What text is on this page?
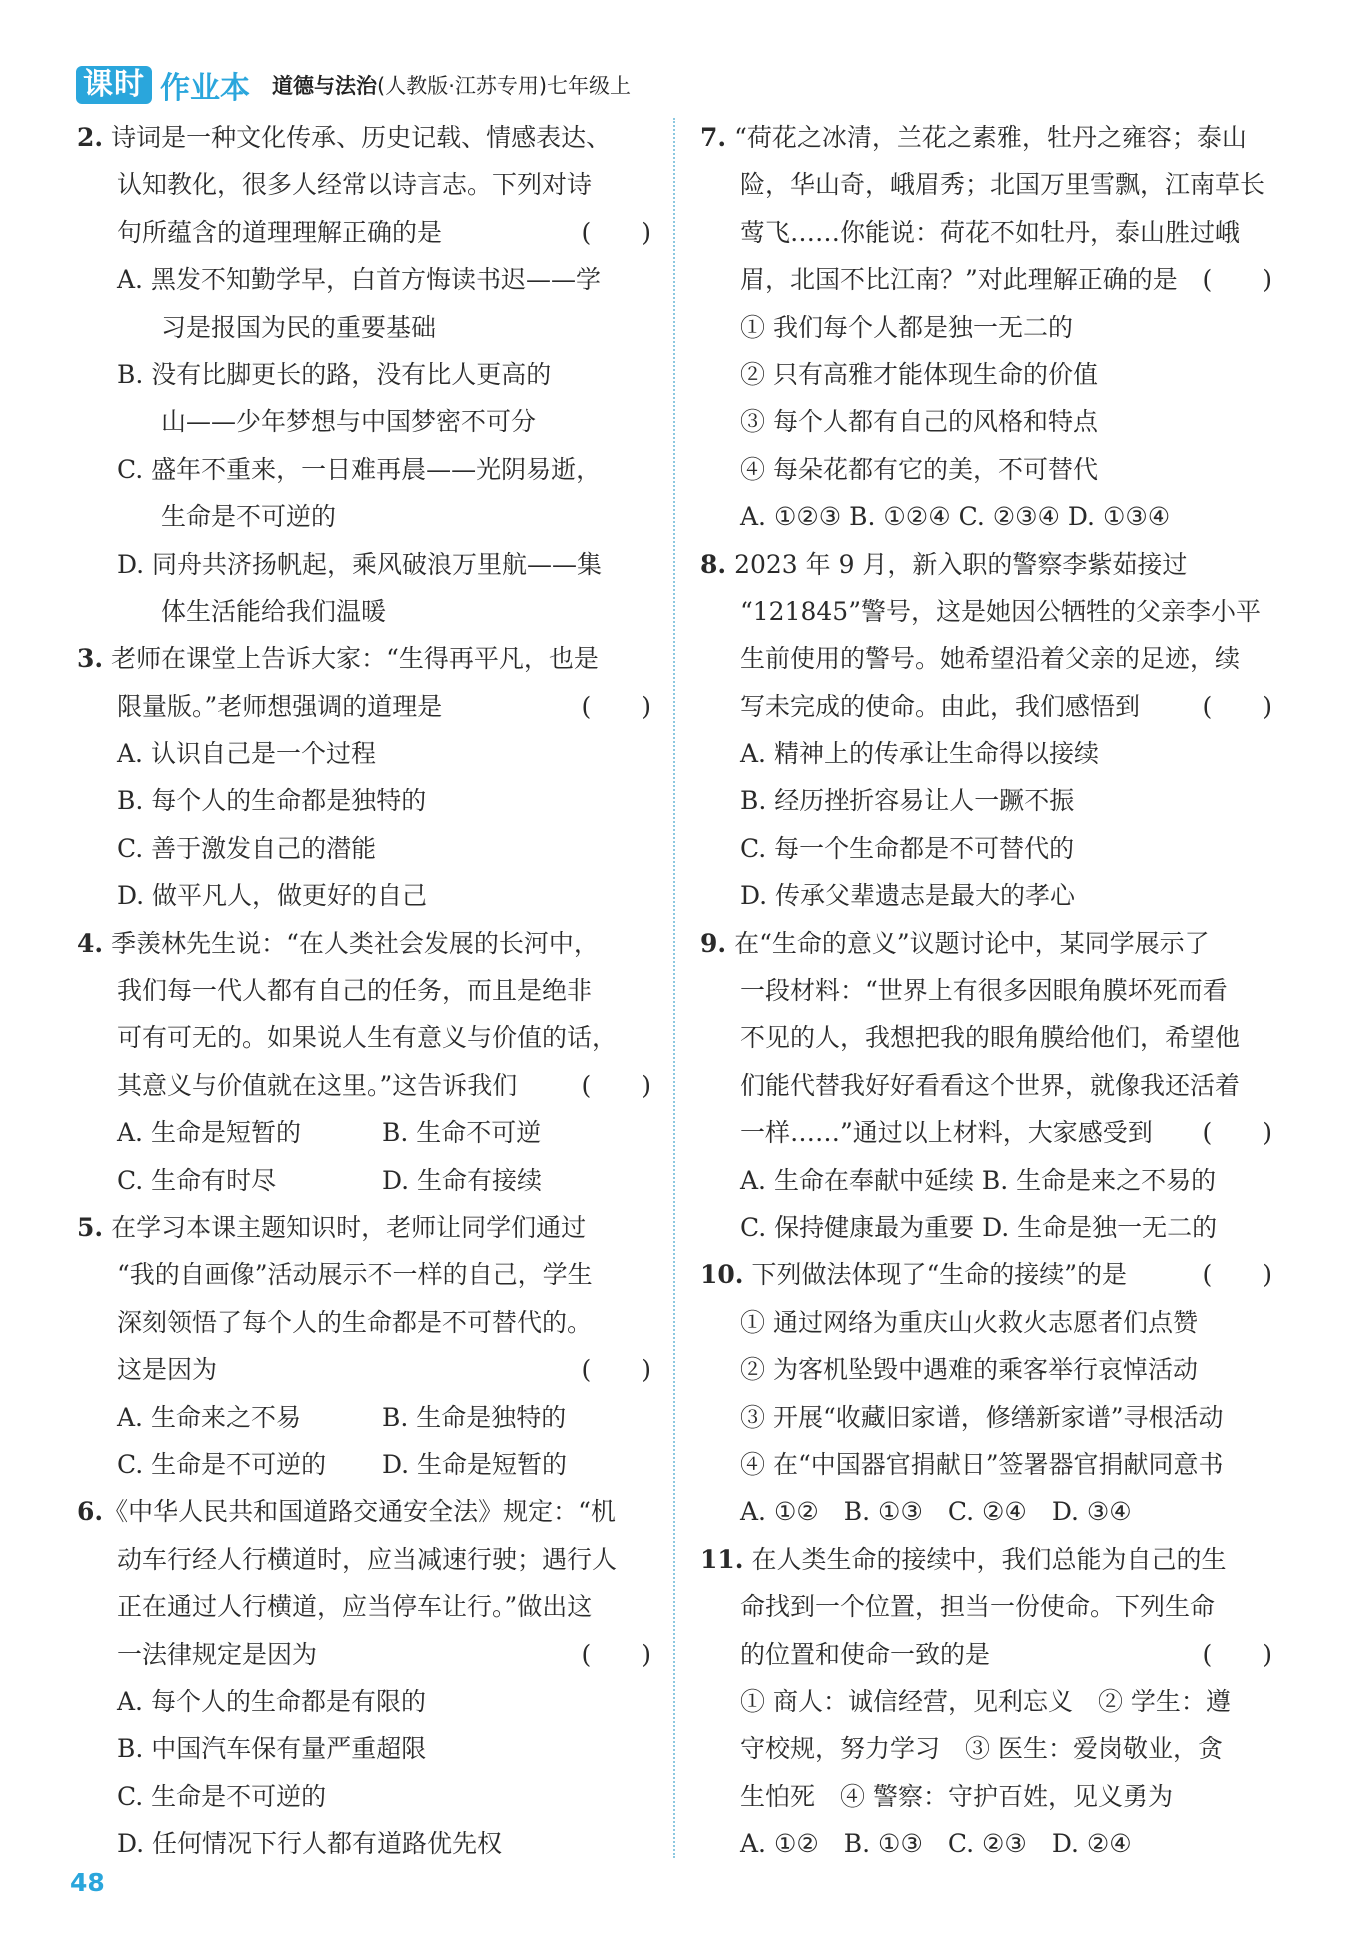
课时 作业本 道德与法治(人教版·江苏专用)七年级上
2. 诗词是一种文化传承、历史记载、情感表达、
认知教化，很多人经常以诗言志。下列对诗
句所蕴含的道理理解正确的是	(　　)
A. 黑发不知勤学早，白首方悔读书迟——学
习是报国为民的重要基础
B. 没有比脚更长的路，没有比人更高的
山——少年梦想与中国梦密不可分
C. 盛年不重来，一日难再晨——光阴易逝，
生命是不可逆的
D. 同舟共济扬帆起，乘风破浪万里航——集
体生活能给我们温暖
3. 老师在课堂上告诉大家：“生得再平凡，也是
限量版。”老师想强调的道理是	(　　)
A. 认识自己是一个过程
B. 每个人的生命都是独特的
C. 善于激发自己的潜能
D. 做平凡人，做更好的自己
4. 季羡林先生说：“在人类社会发展的长河中，
我们每一代人都有自己的任务，而且是绝非
可有可无的。如果说人生有意义与价值的话，
其意义与价值就在这里。”这告诉我们	(　　)
A. 生命是短暂的	B. 生命不可逆
C. 生命有时尽	D. 生命有接续
5. 在学习本课主题知识时，老师让同学们通过
“我的自画像”活动展示不一样的自己，学生
深刻领悟了每个人的生命都是不可替代的。
这是因为	(　　)
A. 生命来之不易	B. 生命是独特的
C. 生命是不可逆的 D. 生命是短暂的
6.《中华人民共和国道路交通安全法》规定：“机
动车行经人行横道时，应当减速行驶；遇行人
正在通过人行横道，应当停车让行。”做出这
一法律规定是因为	(　　)
A. 每个人的生命都是有限的
B. 中国汽车保有量严重超限
C. 生命是不可逆的
D. 任何情况下行人都有道路优先权
7. “荷花之冰清，兰花之素雅，牡丹之雍容；泰山
险，华山奇，峨眉秀；北国万里雪飘，江南草长
莺飞……你能说：荷花不如牡丹，泰山胜过峨
眉，北国不比江南？”对此理解正确的是 (　　)
① 我们每个人都是独一无二的
② 只有高雅才能体现生命的价值
③ 每个人都有自己的风格和特点
④ 每朵花都有它的美，不可替代
A. ①②③ B. ①②④ C. ②③④ D. ①③④
8. 2023 年 9 月，新入职的警察李紫茹接过
“121845”警号，这是她因公牺牲的父亲李小平
生前使用的警号。她希望沿着父亲的足迹，续
写未完成的使命。由此，我们感悟到 (　　)
A. 精神上的传承让生命得以接续
B. 经历挫折容易让人一蹶不振
C. 每一个生命都是不可替代的
D. 传承父辈遗志是最大的孝心
9. 在“生命的意义”议题讨论中，某同学展示了
一段材料：“世界上有很多因眼角膜坏死而看
不见的人，我想把我的眼角膜给他们，希望他
们能代替我好好看看这个世界，就像我还活着
一样……”通过以上材料，大家感受到 (　　)
A. 生命在奉献中延续 B. 生命是来之不易的
C. 保持健康最为重要 D. 生命是独一无二的
10. 下列做法体现了“生命的接续”的是	(　　)
① 通过网络为重庆山火救火志愿者们点赞
② 为客机坠毁中遇难的乘客举行哀悼活动
③ 开展“收藏旧家谱，修缮新家谱”寻根活动
④ 在“中国器官捐献日”签署器官捐献同意书
A. ①②　B. ①③　C. ②④　D. ③④
11. 在人类生命的接续中，我们总能为自己的生
命找到一个位置，担当一份使命。下列生命
的位置和使命一致的是	(　　)
① 商人：诚信经营，见利忘义　② 学生：遵
守校规，努力学习　③ 医生：爱岗敬业，贪
生怕死　④ 警察：守护百姓，见义勇为
A. ①②　B. ①③　C. ②③　D. ②④
48
